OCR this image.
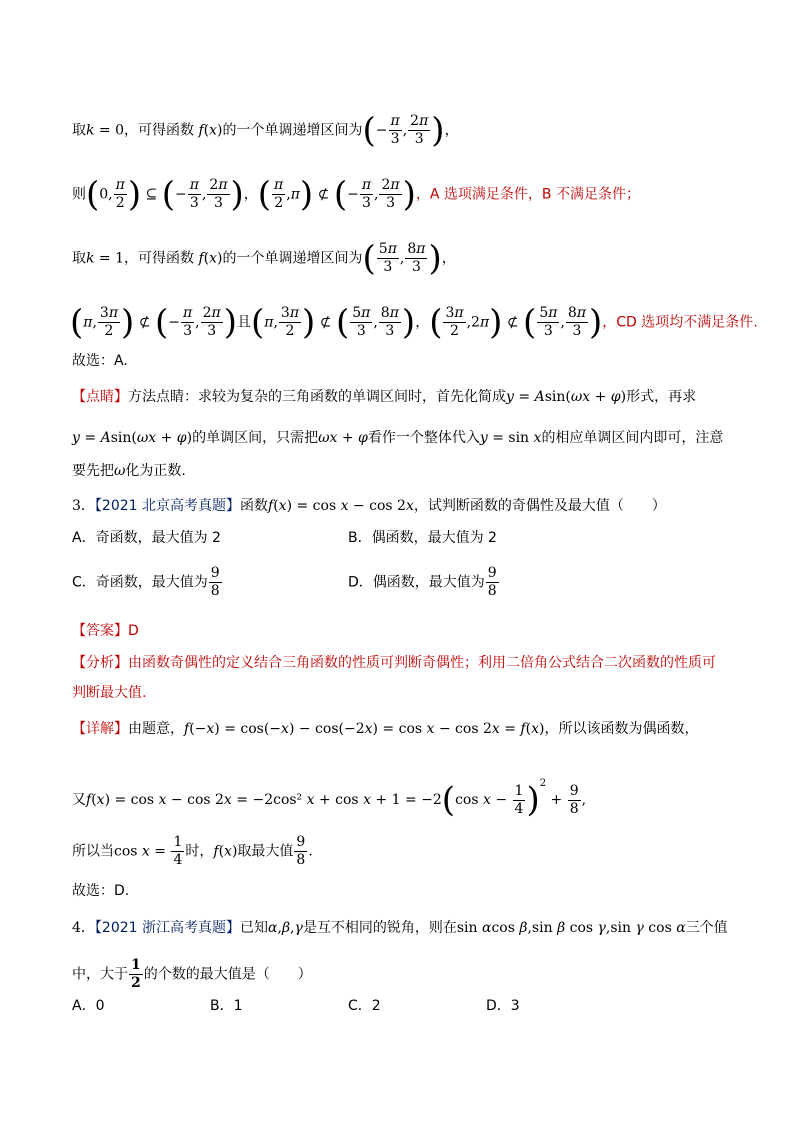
取k = 0，可得函数 f(x)的一个单调递增区间为(− $\frac{\pi}{3}$ , $\frac{2\pi}{3}$ )，
则(0, $\frac{\pi}{2}$ ) ⊆ (− $\frac{\pi}{3}$ , $\frac{2\pi}{3}$ )，( $\frac{\pi}{2} ,\pi$) ⊄ (− $\frac{\pi}{3}$ , $\frac{2\pi}{3}$ )，A 选项满足条件，B 不满足条件；
取k = 1，可得函数 f(x)的一个单调递增区间为( $\frac{5\pi}{3}$ , $\frac{8\pi}{3}$ )，
(π, $\frac{3\pi}{2}$ ) ⊄ (− $\frac{\pi}{3}$ , $\frac{2\pi}{3}$ )且(π, $\frac{3\pi}{2}$ ) ⊄ ( $\frac{5\pi}{3}$ , $\frac{8\pi}{3}$ )，( $\frac{3\pi}{2} ,2\pi$) ⊄ ( $\frac{5\pi}{3}$ , $\frac{8\pi}{3}$ )，CD 选项均不满足条件.
故选：A.
【点睛】方法点睛：求较为复杂的三角函数的单调区间时，首先化简成y = Asin(ωx + φ)形式，再求
y = Asin(ωx + φ)的单调区间，只需把ωx + φ看作一个整体代入y = sin x的相应单调区间内即可，注意
要先把ω化为正数.
3．【2021 北京高考真题】函数f(x) = cos x − cos 2x，试判断函数的奇偶性及最大值（　　）
A．奇函数，最大值为 2	B．偶函数，最大值为 2
C．奇函数，最大值为 $\frac{9}{8}$	D．偶函数，最大值为 $\frac{9}{8}$
【答案】D
【分析】由函数奇偶性的定义结合三角函数的性质可判断奇偶性；利用二倍角公式结合二次函数的性质可
判断最大值.
【详解】由题意，f(−x) = cos(−x) − cos(−2x) = cos x − cos 2x = f(x)，所以该函数为偶函数，
又f(x) = cos x − cos 2x = −2cos² x + cos x + 1 = −2(cos $x - \frac{1}{4} )^2 + \frac{9}{8}$ ,
所以当$\cos x = \frac{1}{4}$ 时，f(x)取最大值 $\frac{9}{8}$ .
故选：D.
4．【2021 浙江高考真题】已知α,β,γ是互不相同的锐角，则在sin αcos β,sin β cos γ,sin γ cos α三个值
中，大于 $\frac{1}{2}$ 的个数的最大值是（　　）
A．0	B．1	C．2	D．3
